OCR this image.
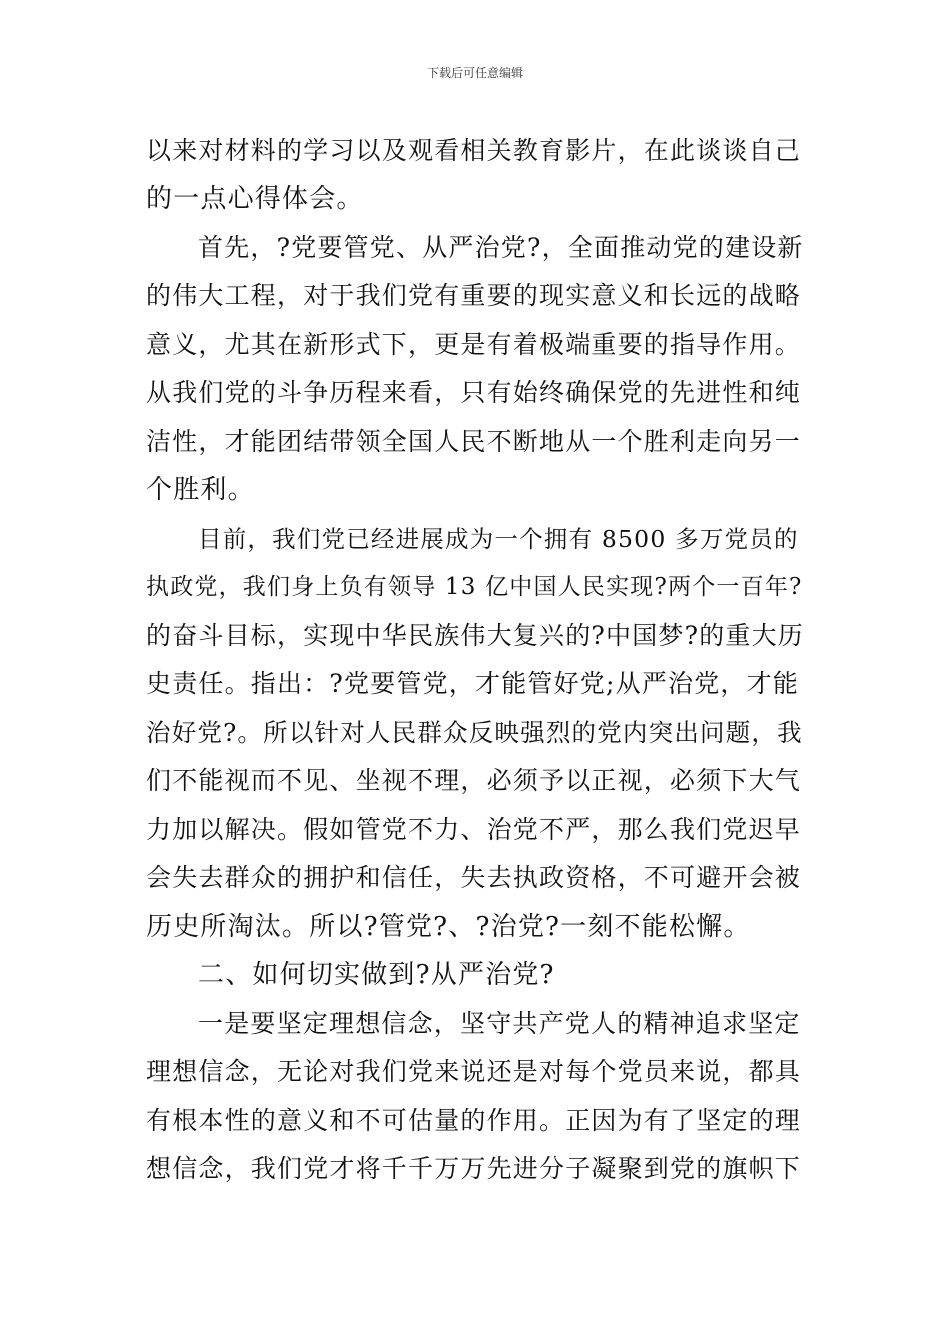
下载后可任意编辑
以来对材料的学习以及观看相关教育影片，在此谈谈自己
的一点心得体会。
首先，?党要管党、从严治党?，全面推动党的建设新
的伟大工程，对于我们党有重要的现实意义和长远的战略
意义，尤其在新形式下，更是有着极端重要的指导作用。
从我们党的斗争历程来看，只有始终确保党的先进性和纯
洁性，才能团结带领全国人民不断地从一个胜利走向另一
个胜利。
目前，我们党已经进展成为一个拥有 8500 多万党员的
执政党，我们身上负有领导 13 亿中国人民实现?两个一百年?
的奋斗目标，实现中华民族伟大复兴的?中国梦?的重大历
史责任。指出：?党要管党，才能管好党;从严治党，才能
治好党?。所以针对人民群众反映强烈的党内突出问题，我
们不能视而不见、坐视不理，必须予以正视，必须下大气
力加以解决。假如管党不力、治党不严，那么我们党迟早
会失去群众的拥护和信任，失去执政资格，不可避开会被
历史所淘汰。所以?管党?、?治党?一刻不能松懈。
二、如何切实做到?从严治党?
一是要坚定理想信念，坚守共产党人的精神追求坚定
理想信念，无论对我们党来说还是对每个党员来说，都具
有根本性的意义和不可估量的作用。正因为有了坚定的理
想信念，我们党才将千千万万先进分子凝聚到党的旗帜下
